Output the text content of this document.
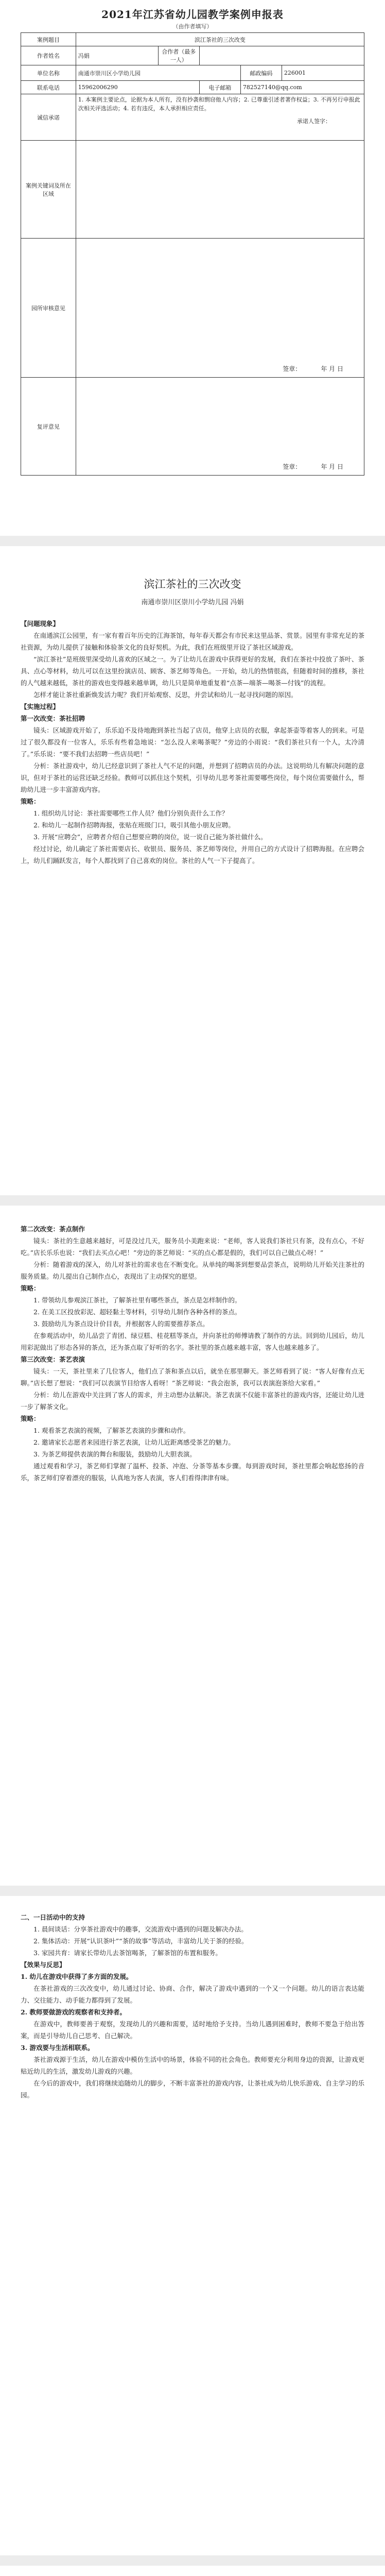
2021年江苏省幼儿园教学案例申报表
（由作者填写）
案例题目	滨江茶社的三次改变				
作者姓名	冯娟	合作者（最多一人）			
单位名称	南通市崇川区小学幼儿园			邮政编码	226001
联系电话	15962006290		电子邮箱	782527140@qq.com	
诚信承诺	1. 本案例主要论点，论据为本人所有，没有抄袭和剽窃他人内容；2. 已尊重引述者著作权益；3. 不再另行申报此次相关评选活动；4. 若有违反，本人承担相应责任。
承诺人签字：				

案例关键词及所在区域					
园所审核意见	签章： 年 月 日				

复评意见	签章： 年 月 日				
滨江茶社的三次改变
南通市崇川区崇川小学幼儿园 冯娟

【问题现象】

在南通滨江公园里，有一家有着百年历史的江海茶馆，每年春天都会有市民来这里品茶、赏景。园里有非常充足的茶社资源，为幼儿提供了接触和体验茶文化的良好契机。为此，我们在班级里开设了茶社区域游戏。

“滨江茶社”是班级里深受幼儿喜欢的区域之一。为了让幼儿在游戏中获得更好的发展，我们在茶社中投放了茶叶、茶具、点心等材料，幼儿可以在这里扮演店员、顾客、茶艺师等角色。一开始，幼儿的热情很高，但随着时间的推移，茶社的人气越来越低，茶社的游戏也变得越来越单调，幼儿只是简单地重复着“点茶—端茶—喝茶—付钱”的流程。

怎样才能让茶社重新焕发活力呢？我们开始观察、反思，并尝试和幼儿一起寻找问题的原因。

【实施过程】

第一次改变：茶社招聘

镜头：区域游戏开始了，乐乐迫不及待地跑到茶社当起了店员，他穿上店员的衣服，拿起茶壶等着客人的到来。可是过了很久都没有一位客人，乐乐有些着急地说：“怎么没人来喝茶呢？”旁边的小雨说：“我们茶社只有一个人，太冷清了。”乐乐说：“要不我们去招聘一些店员吧！”

分析：茶社游戏中，幼儿已经意识到了茶社人气不足的问题，并想到了招聘店员的办法。这说明幼儿有解决问题的意识，但对于茶社的运营还缺乏经验。教师可以抓住这个契机，引导幼儿思考茶社需要哪些岗位，每个岗位需要做什么，帮助幼儿进一步丰富游戏内容。

策略：

1. 组织幼儿讨论：茶社需要哪些工作人员？他们分别负责什么工作？

2. 和幼儿一起制作招聘海报，张贴在班级门口，吸引其他小朋友应聘。

3. 开展“应聘会”，应聘者介绍自己想要应聘的岗位，说一说自己能为茶社做什么。

经过讨论，幼儿确定了茶社需要店长、收银员、服务员、茶艺师等岗位，并用自己的方式设计了招聘海报。在应聘会上，幼儿们踊跃发言，每个人都找到了自己喜欢的岗位。茶社的人气一下子提高了。

第二次改变：茶点制作

镜头：茶社的生意越来越好，可是没过几天，服务员小美跑来说：“老师，客人说我们茶社只有茶，没有点心，不好吃。”店长乐乐也说：“我们去买点心吧！”旁边的茶艺师说：“买的点心都是假的，我们可以自己做点心呀！”

分析：随着游戏的深入，幼儿对茶社的需求也在不断变化。从单纯的喝茶到想要品尝茶点，说明幼儿开始关注茶社的服务质量。幼儿提出自己制作点心，表现出了主动探究的愿望。

策略：

1. 带领幼儿参观滨江茶社，了解茶社里有哪些茶点，茶点是怎样制作的。

2. 在美工区投放彩泥、超轻黏土等材料，引导幼儿制作各种各样的茶点。

3. 鼓励幼儿为茶点设计价目表，并根据客人的需要推荐茶点。

在参观活动中，幼儿品尝了青团、绿豆糕、桂花糕等茶点，并向茶社的师傅请教了制作的方法。回到幼儿园后，幼儿用彩泥做出了形态各异的茶点，还为茶点取了好听的名字。茶社里的茶点越来越丰富，客人也越来越多了。

第三次改变：茶艺表演

镜头：一天，茶社里来了几位客人，他们点了茶和茶点以后，就坐在那里聊天。茶艺师看到了说：“客人好像有点无聊。”店长想了想说：“我们可以表演节目给客人看呀！”茶艺师说：“我会泡茶，我可以表演泡茶给大家看。”

分析：幼儿在游戏中关注到了客人的需求，并主动想办法解决。茶艺表演不仅能丰富茶社的游戏内容，还能让幼儿进一步了解茶文化。

策略：

1. 观看茶艺表演的视频，了解茶艺表演的步骤和动作。

2. 邀请家长志愿者来园进行茶艺表演，让幼儿近距离感受茶艺的魅力。

3. 为茶艺师提供表演的舞台和服装，鼓励幼儿大胆表演。

通过观看和学习，茶艺师们掌握了温杯、投茶、冲泡、分茶等基本步骤。每到游戏时间，茶社里都会响起悠扬的音乐，茶艺师们穿着漂亮的服装，认真地为客人表演，客人们看得津津有味。

二、一日活动中的支持

1. 晨间谈话：分享茶社游戏中的趣事，交流游戏中遇到的问题及解决办法。

2. 集体活动：开展“认识茶叶”“茶的故事”等活动，丰富幼儿关于茶的经验。

3. 家园共育：请家长带幼儿去茶馆喝茶，了解茶馆的布置和服务。

【效果与反思】

1. 幼儿在游戏中获得了多方面的发展。

在茶社游戏的三次改变中，幼儿通过讨论、协商、合作，解决了游戏中遇到的一个又一个问题。幼儿的语言表达能力、交往能力、动手能力都得到了发展。

2. 教师要做游戏的观察者和支持者。

在游戏中，教师要善于观察，发现幼儿的兴趣和需要，适时地给予支持。当幼儿遇到困难时，教师不要急于给出答案，而是引导幼儿自己思考、自己解决。

3. 游戏要与生活相联系。

茶社游戏源于生活，幼儿在游戏中模仿生活中的场景，体验不同的社会角色。教师要充分利用身边的资源，让游戏更贴近幼儿的生活，激发幼儿游戏的兴趣。

在今后的游戏中，我们将继续追随幼儿的脚步，不断丰富茶社的游戏内容，让茶社成为幼儿快乐游戏、自主学习的乐园。
